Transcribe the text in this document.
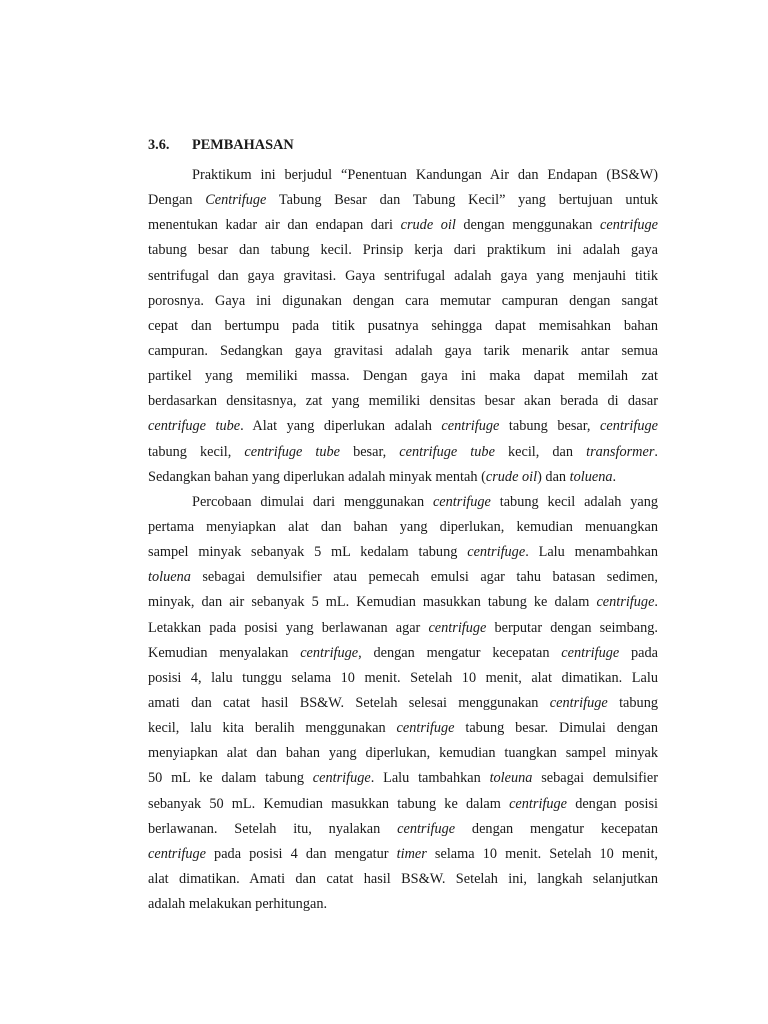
3.6. PEMBAHASAN
Praktikum ini berjudul “Penentuan Kandungan Air dan Endapan (BS&W)
Dengan Centrifuge Tabung Besar dan Tabung Kecil” yang bertujuan untuk
menentukan kadar air dan endapan dari crude oil dengan menggunakan centrifuge
tabung besar dan tabung kecil. Prinsip kerja dari praktikum ini adalah gaya
sentrifugal dan gaya gravitasi. Gaya sentrifugal adalah gaya yang menjauhi titik
porosnya. Gaya ini digunakan dengan cara memutar campuran dengan sangat
cepat dan bertumpu pada titik pusatnya sehingga dapat memisahkan bahan
campuran. Sedangkan gaya gravitasi adalah gaya tarik menarik antar semua
partikel yang memiliki massa. Dengan gaya ini maka dapat memilah zat
berdasarkan densitasnya, zat yang memiliki densitas besar akan berada di dasar
centrifuge tube. Alat yang diperlukan adalah centrifuge tabung besar, centrifuge
tabung kecil, centrifuge tube besar, centrifuge tube kecil, dan transformer.
Sedangkan bahan yang diperlukan adalah minyak mentah (crude oil) dan toluena.
Percobaan dimulai dari menggunakan centrifuge tabung kecil adalah yang
pertama menyiapkan alat dan bahan yang diperlukan, kemudian menuangkan
sampel minyak sebanyak 5 mL kedalam tabung centrifuge. Lalu menambahkan
toluena sebagai demulsifier atau pemecah emulsi agar tahu batasan sedimen,
minyak, dan air sebanyak 5 mL. Kemudian masukkan tabung ke dalam centrifuge.
Letakkan pada posisi yang berlawanan agar centrifuge berputar dengan seimbang.
Kemudian menyalakan centrifuge, dengan mengatur kecepatan centrifuge pada
posisi 4, lalu tunggu selama 10 menit. Setelah 10 menit, alat dimatikan. Lalu
amati dan catat hasil BS&W. Setelah selesai menggunakan centrifuge tabung
kecil, lalu kita beralih menggunakan centrifuge tabung besar. Dimulai dengan
menyiapkan alat dan bahan yang diperlukan, kemudian tuangkan sampel minyak
50 mL ke dalam tabung centrifuge. Lalu tambahkan toleuna sebagai demulsifier
sebanyak 50 mL. Kemudian masukkan tabung ke dalam centrifuge dengan posisi
berlawanan. Setelah itu, nyalakan centrifuge dengan mengatur kecepatan
centrifuge pada posisi 4 dan mengatur timer selama 10 menit. Setelah 10 menit,
alat dimatikan. Amati dan catat hasil BS&W. Setelah ini, langkah selanjutkan
adalah melakukan perhitungan.
